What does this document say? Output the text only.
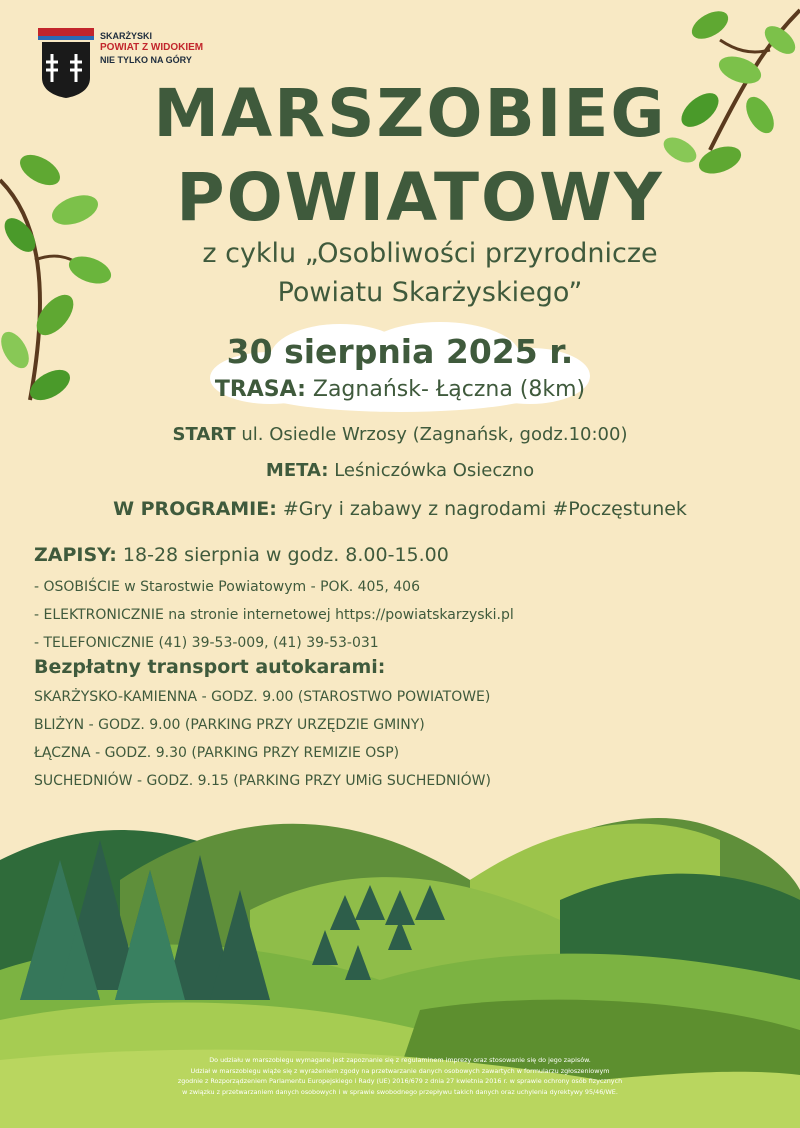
SKARŻYSKI
POWIAT Z WIDOKIEM
NIE TYLKO NA GÓRY
MARSZOBIEG
POWIATOWY
z cyklu „Osobliwości przyrodnicze
Powiatu Skarżyskiego”
30 sierpnia 2025 r.
TRASA: Zagnańsk- Łączna (8km)
START ul. Osiedle Wrzosy (Zagnańsk, godz.10:00)
META: Leśniczówka Osieczno
W PROGRAMIE: #Gry i zabawy z nagrodami #Poczęstunek
ZAPISY: 18-28 sierpnia w godz. 8.00-15.00
- OSOBIŚCIE w Starostwie Powiatowym - POK. 405, 406
- ELEKTRONICZNIE na stronie internetowej https://powiatskarzyski.pl
- TELEFONICZNIE (41) 39-53-009, (41) 39-53-031
Bezpłatny transport autokarami:
SKARŻYSKO-KAMIENNA - GODZ. 9.00 (STAROSTWO POWIATOWE)
BLIŻYN - GODZ. 9.00 (PARKING PRZY URZĘDZIE GMINY)
ŁĄCZNA - GODZ. 9.30 (PARKING PRZY REMIZIE OSP)
SUCHEDNIÓW - GODZ. 9.15 (PARKING PRZY UMiG SUCHEDNIÓW)
Do udziału w marszobiegu wymagane jest zapoznanie się z regulaminem imprezy oraz stosowanie się do jego zapisów.
Udział w marszobiegu wiąże się z wyrażeniem zgody na przetwarzanie danych osobowych zawartych w formularzu zgłoszeniowym
zgodnie z Rozporządzeniem Parlamentu Europejskiego i Rady (UE) 2016/679 z dnia 27 kwietnia 2016 r. w sprawie ochrony osób fizycznych
w związku z przetwarzaniem danych osobowych i w sprawie swobodnego przepływu takich danych oraz uchylenia dyrektywy 95/46/WE.
